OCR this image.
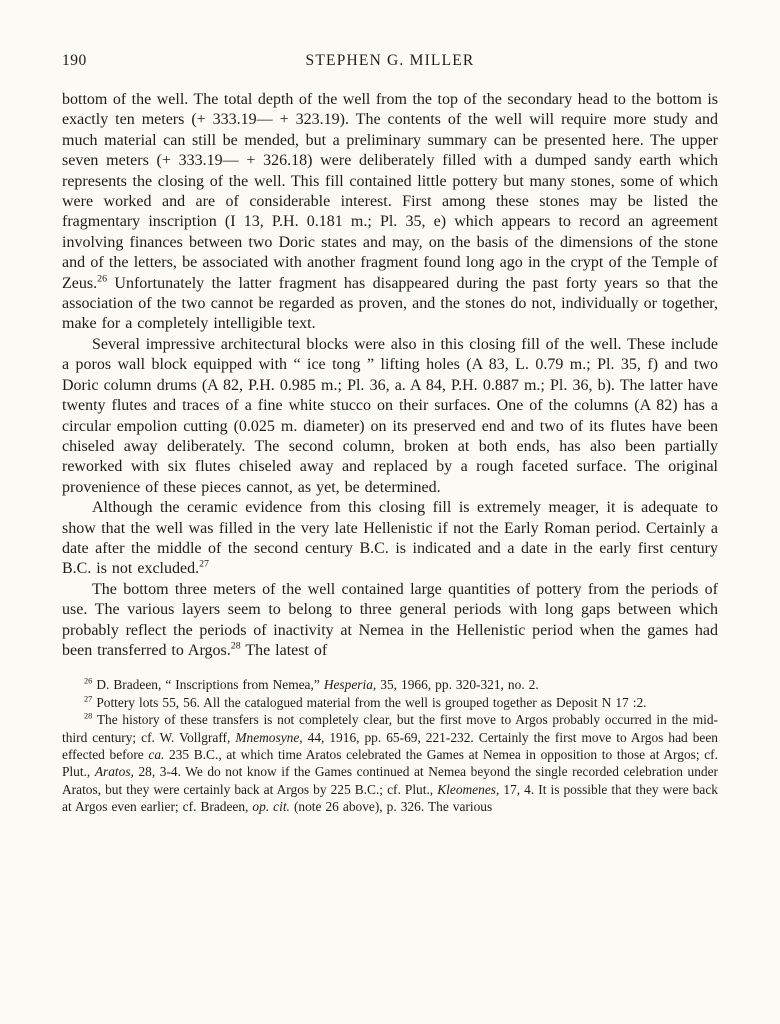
190	STEPHEN G. MILLER

bottom of the well. The total depth of the well from the top of the secondary head to the bottom is exactly ten meters (+ 333.19— + 323.19). The contents of the well will require more study and much material can still be mended, but a preliminary summary can be presented here. The upper seven meters (+ 333.19— + 326.18) were deliberately filled with a dumped sandy earth which represents the closing of the well. This fill contained little pottery but many stones, some of which were worked and are of considerable interest. First among these stones may be listed the fragmentary inscription (I 13, P.H. 0.181 m.; Pl. 35, e) which appears to record an agreement involving finances between two Doric states and may, on the basis of the dimensions of the stone and of the letters, be associated with another fragment found long ago in the crypt of the Temple of Zeus.$^{26}$ Unfortunately the latter fragment has disappeared during the past forty years so that the association of the two cannot be regarded as proven, and the stones do not, individually or together, make for a completely intelligible text.

Several impressive architectural blocks were also in this closing fill of the well. These include a poros wall block equipped with “ ice tong ” lifting holes (A 83, L. 0.79 m.; Pl. 35, f) and two Doric column drums (A 82, P.H. 0.985 m.; Pl. 36, a. A 84, P.H. 0.887 m.; Pl. 36, b). The latter have twenty flutes and traces of a fine white stucco on their surfaces. One of the columns (A 82) has a circular empolion cutting (0.025 m. diameter) on its preserved end and two of its flutes have been chiseled away deliberately. The second column, broken at both ends, has also been partially reworked with six flutes chiseled away and replaced by a rough faceted surface. The original provenience of these pieces cannot, as yet, be determined.

Although the ceramic evidence from this closing fill is extremely meager, it is adequate to show that the well was filled in the very late Hellenistic if not the Early Roman period. Certainly a date after the middle of the second century B.C. is indicated and a date in the early first century B.C. is not excluded.$^{27}$

The bottom three meters of the well contained large quantities of pottery from the periods of use. The various layers seem to belong to three general periods with long gaps between which probably reflect the periods of inactivity at Nemea in the Hellenistic period when the games had been transferred to Argos.$^{28}$ The latest of

$^{26}$ D. Bradeen, “ Inscriptions from Nemea,” Hesperia, 35, 1966, pp. 320-321, no. 2.

$^{27}$ Pottery lots 55, 56. All the catalogued material from the well is grouped together as Deposit N 17 :2.

$^{28}$ The history of these transfers is not completely clear, but the first move to Argos probably occurred in the mid-third century; cf. W. Vollgraff, Mnemosyne, 44, 1916, pp. 65-69, 221-232. Certainly the first move to Argos had been effected before ca. 235 B.C., at which time Aratos celebrated the Games at Nemea in opposition to those at Argos; cf. Plut., Aratos, 28, 3-4. We do not know if the Games continued at Nemea beyond the single recorded celebration under Aratos, but they were certainly back at Argos by 225 B.C.; cf. Plut., Kleomenes, 17, 4. It is possible that they were back at Argos even earlier; cf. Bradeen, op. cit. (note 26 above), p. 326. The various
